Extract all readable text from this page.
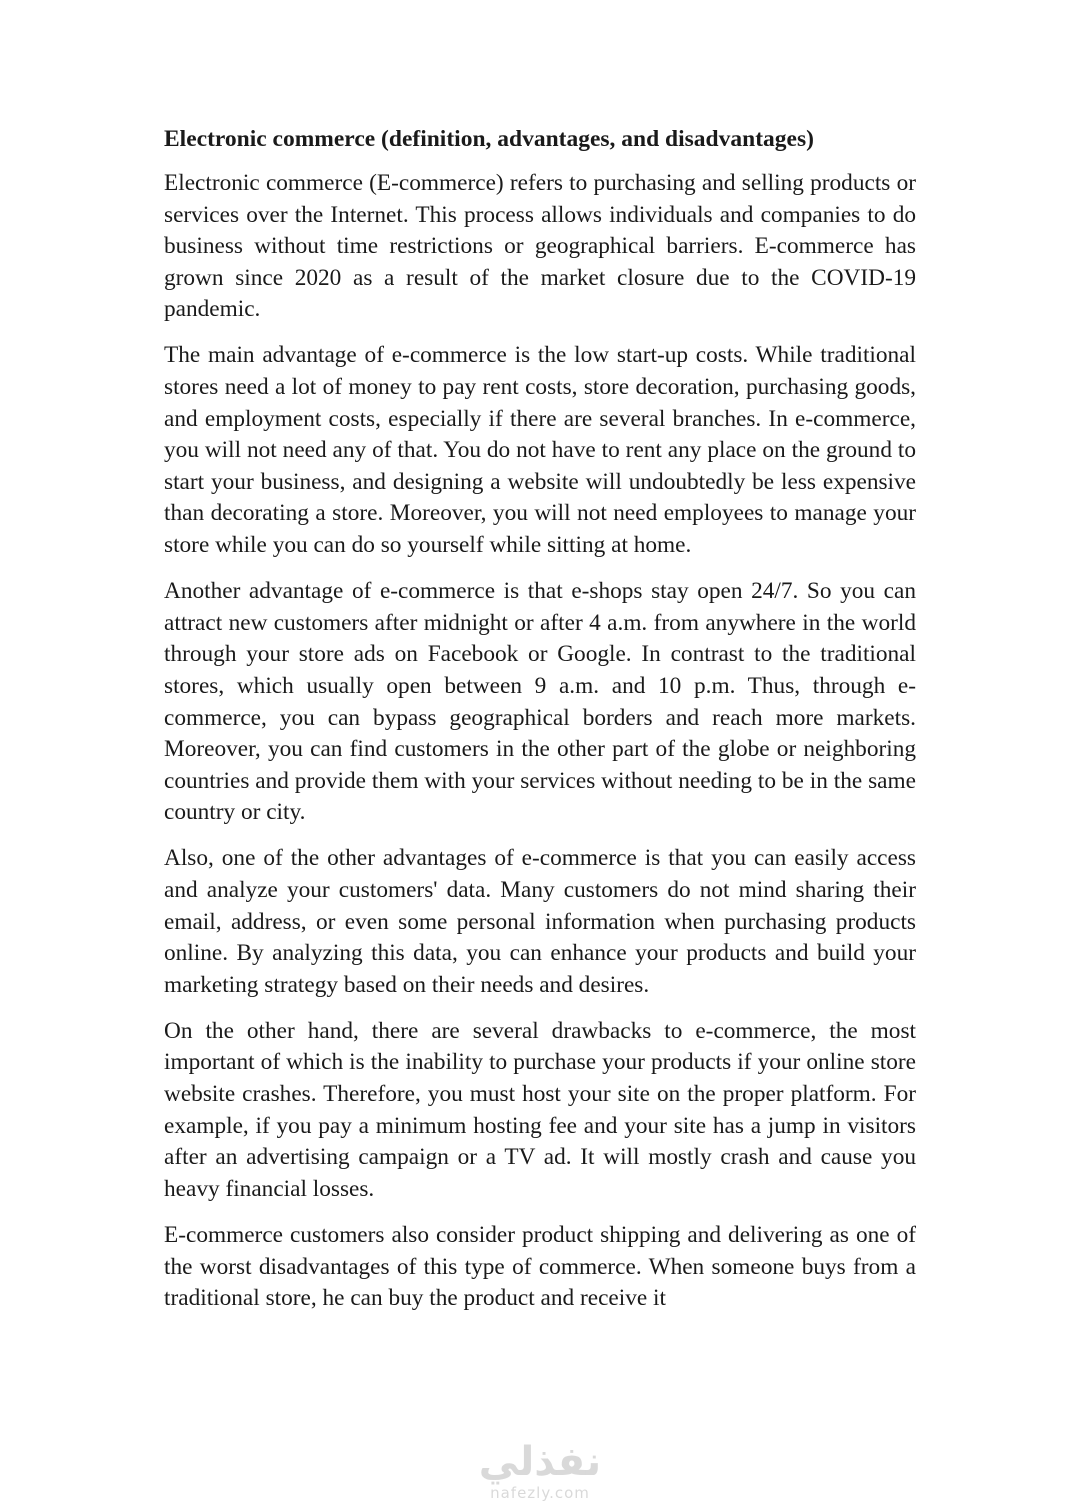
Electronic commerce (definition, advantages, and disadvantages)

Electronic commerce (E-commerce) refers to purchasing and selling products or services over the Internet. This process allows individuals and companies to do business without time restrictions or geographical barriers. E-commerce has grown since 2020 as a result of the market closure due to the COVID-19 pandemic.

The main advantage of e-commerce is the low start-up costs. While traditional stores need a lot of money to pay rent costs, store decoration, purchasing goods, and employment costs, especially if there are several branches. In e-commerce, you will not need any of that. You do not have to rent any place on the ground to start your business, and designing a website will undoubtedly be less expensive than decorating a store. Moreover, you will not need employees to manage your store while you can do so yourself while sitting at home.

Another advantage of e-commerce is that e-shops stay open 24/7. So you can attract new customers after midnight or after 4 a.m. from anywhere in the world through your store ads on Facebook or Google. In contrast to the traditional stores, which usually open between 9 a.m. and 10 p.m. Thus, through e-commerce, you can bypass geographical borders and reach more markets. Moreover, you can find customers in the other part of the globe or neighboring countries and provide them with your services without needing to be in the same country or city.

Also, one of the other advantages of e-commerce is that you can easily access and analyze your customers' data. Many customers do not mind sharing their email, address, or even some personal information when purchasing products online. By analyzing this data, you can enhance your products and build your marketing strategy based on their needs and desires.

On the other hand, there are several drawbacks to e-commerce, the most important of which is the inability to purchase your products if your online store website crashes. Therefore, you must host your site on the proper platform. For example, if you pay a minimum hosting fee and your site has a jump in visitors after an advertising campaign or a TV ad. It will mostly crash and cause you heavy financial losses.

E-commerce customers also consider product shipping and delivering as one of the worst disadvantages of this type of commerce. When someone buys from a traditional store, he can buy the product and receive it

نفذلي
nafezly.com
